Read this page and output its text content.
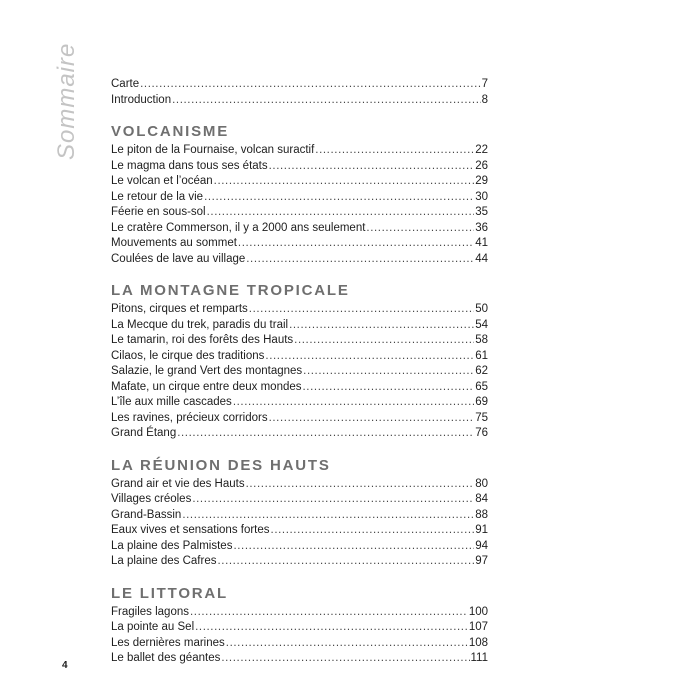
Sommaire	Carte .....	7
Introduction .....	8
VOLCANISME
Le piton de la Fournaise, volcan suractif .....	22
Le magma dans tous ses états .....	26
Le volcan et l’océan .....	29
Le retour de la vie .....	30
Féerie en sous-sol .....	35
Le cratère Commerson, il y a 2000 ans seulement .....	36
Mouvements au sommet .....	41
Coulées de lave au village .....	44
LA MONTAGNE TROPICALE
Pitons, cirques et remparts .....	50
La Mecque du trek, paradis du trail .....	54
Le tamarin, roi des forêts des Hauts .....	58
Cilaos, le cirque des traditions .....	61
Salazie, le grand Vert des montagnes .....	62
Mafate, un cirque entre deux mondes .....	65
L’île aux mille cascades .....	69
Les ravines, précieux corridors .....	75
Grand Étang .....	76
LA RÉUNION DES HAUTS
Grand air et vie des Hauts .....	80
Villages créoles .....	84
Grand-Bassin .....	88
Eaux vives et sensations fortes .....	91
La plaine des Palmistes .....	94
La plaine des Cafres .....	97
LE LITTORAL
Fragiles lagons .....	100
La pointe au Sel .....	107
Les dernières marines .....	108
Le ballet des géantes .....	111
4
